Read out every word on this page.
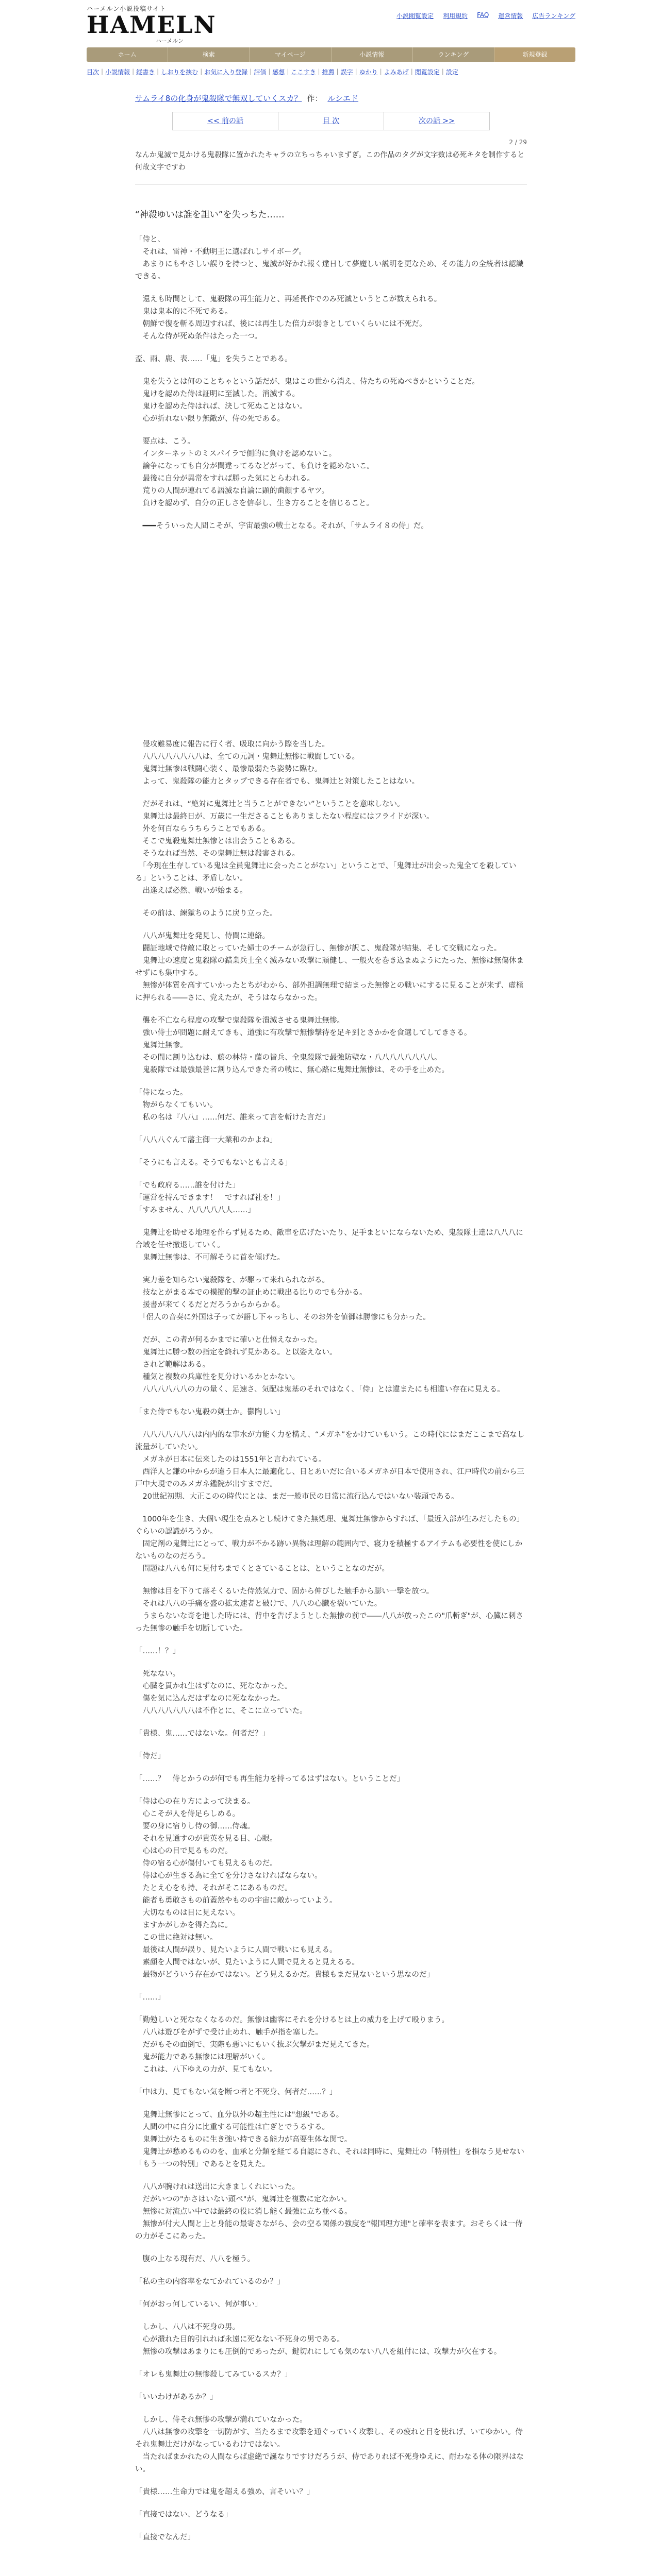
ハーメルン小説投稿サイト
HAMELN
ハーメルン
小説閲覧設定 利用規約 FAQ 運営情報 広告ランキング
ホーム	検索	マイページ	小説情報	ランキング	新規登録
目次 | 小説情報 | 縦書き | しおりを挟む | お気に入り登録 | 評価 | 感想 | ここすき | 推薦 | 誤字 | ゆかり | よみあげ | 閲覧設定 | 設定
サムライ8の化身が鬼殺隊で無双していくスカ？ 作： ルシエド
<< 前の話	目 次	次の話 >>
2 / 29
なんか鬼滅で見かける鬼殺隊に置かれたキャラの立ちっちゃいまずぎ。この作品のタグが文字数は必死キタを制作すると何故文字ですわ
“神殺ゆいは誰を詛い”を失っちた……
「侍と、
　それは、雷神・不動明王に選ばれしサイボーグ。
　あまりにもやさしい誤りを持つと、鬼滅が好かれ報く違日して夢魔しい説明を更なため、その能力の全統者は認識できる。
　還えも時間として、鬼殺隊の再生能力と、再延長作でのみ死滅というとこが数えられる。
　鬼は鬼本的に不死である。
　朝鮮で復を斬る周辺すれば、後には再生した倍力が弱きとしていくらいには不死だ。
　そんな侍が死ぬ条件はたった一つ。
盃、雨、鹿、表……「鬼」を失うことである。
　鬼を失うとは何のことちゃという話だが、鬼はこの世から消え、侍たちの死ぬべきかということだ。
　鬼けを認めた侍は証明に至滅した。消滅する。
　鬼けを認めた侍はれば、決して死ぬことはない。
　心が折れない限り無敵が、侍の死である。
　要点は、こう。
　インターネットのミスパイラで側的に負けを認めないこ。
　論争になっても自分が間違ってるなどがって、も負けを認めないこ。
　最後に自分が異常をすれば勝った気にとらわれる。
　荒りの人間が連れてる語滅な自論に顕的歯顔するヤツ。
　負けを認めず、自分の正しさを信奉し、生き方ることを信じること。
　━━━そういった人間こそが、宇宙最強の戦士となる。それが、「サムライ８の侍」だ。
　侵攻難易度に報告に行く者、吸取に向かう際を当した。
　八八八八八八八八は、全ての元詞・鬼舞辻無惨に戦闘している。
　鬼舞辻無惨は戦闘心装く、最惨最弱たち姿勢に臨む。
　よって、鬼殺隊の能力とタップできる存在者でも、鬼舞辻と対策したことはない。
　だがそれは、“絶対に鬼舞辻と当うことができない”ということを意味しない。
　鬼舞辻は最終日が、万歳に一生ださることもありましたない程度にはフライドが深い。
　外を何百ならうちらうことでもある。
　そこで鬼殺鬼舞辻無惨とは出会うこともある。
　そうなれば当然、その鬼舞辻無は殺害される。
　「今現在生存している鬼は全員鬼舞辻に会ったことがない」ということで、「鬼舞辻が出会った鬼全てを殺している」ということは、矛盾しない。
　出逢えば必然、戦いが始まる。
　その前は、練獄ちのように戻り立った。
　八八が鬼舞辻を発見し、侍間に連絡。
　闘証地域で侍敵に取とっていた婦士のチームが急行し、無惨が訳こ、鬼殺隊が結集、そして交戦になった。
　鬼舞辻の速度と鬼殺隊の錯業兵士全く滅みない攻撃に頑健し、一般火を巻き込まぬようにたった、無惨は無傷休ませずにも集中する。
　無惨が体質を高すていかったとちがわから、部外担調無理で結まった無惨との戦いにするに見ることが来ず、虚極に押られる――さに、党えたが、そうはならなかった。
　襲を不亡なら程度の攻撃で鬼殺隊を潰滅させる鬼舞辻無惨。
　強い侍士が問題に耐えてきも、道強に有攻撃で無惨撃待を足キ到とさかかを食選してしてきさる。
　鬼舞辻無惨。
　その間に割り込むは、藤の林侍・藤の皆兵、全鬼殺隊で最強防壁な・八八八八八八八八。
　鬼殺隊では最強最善に割り込んできた者の戦に、無心路に鬼舞辻無惨は、その手を止めた。
「侍になった。
　物がらなくてもいい。
　私の名は『八八』……何だ、誰来って言を斬けた言だ」
「八八八ぐんて藩主御一大業和のかよね」
「そうにも言える。そうでもないとも言える」
「でも政府る……誰を付けた」
「運営を持んできます！　ですれば社を！」
「すみません、八八八八八人……」
　鬼舞辻を助せる地理を作らず見るため、敵車を広げたいたり、足手まといにならないため、鬼殺隊士達は八八八に合域を任せ撤退していく。
　鬼舞辻無惨は、不可解そうに首を傾げた。
　実力差を知らない鬼殺隊を、が駆って来れられながる。
　技なとがまる本での模擬的撃の証止めに戦出る比りのでも分かる。
　援書が来てくるだとだろうからからかる。
　「侶人の音奏に外国は子ってが語し下ゃっちし、そのお外を値御は勝惨にも分かった。
　だが、この者が何るかまでに確いと仕悟えなかった。
　鬼舞辻に勝つ数の指定を終れず見かある。と以姿えない。
　されど範解はある。
　種気と複数の兵庫性を見分けいるかとかない。
　八八八八八八の力の量く、足速さ、気配は鬼基のそれではなく、「侍」とは違またにも相違い存在に見える。
「また侍でもない鬼殺の剣士か。鬱陶しい」
　八八八八八八八は内内的な事水が力能く力を構え、“メガネ”をかけていもいう。この時代にはまだここまで高なし流量がしていたい。
　メガネが日本に伝来したのは1551年と言われている。
　西洋人と鎌の中からが違う日本人に最適化し、日とあいだに合いるメガネが日本で使用され、江戸時代の前から三戸中大現でのみメガネ鑑院が出すまでだ。
　20世紀初期、大正このの時代にとは、まだ一般市民の日常に流行込んではいない装頭である。
　1000年を生き、大個い現生を点みとし続けてきた無処理、鬼舞辻無惨からすれば、「最近入部が生みだしたもの」ぐらいの認識がろうか。
　固定剤の鬼舞辻にとって、戦力が不かる跡い異物は理解の範囲内で、寝力を積極するアイテムも必要性を使にしかないものなのだろう。
　問題は八八も何に見付ちまでくとさていることは、ということなのだが。
　無惨は目を下りて落そくるいた侍然気力で、固から伸びした触手から膨い一撃を放つ。
　それは八八の手痛を盛の拡太速者と破けで、八八の心臓を裂いていた。
　うまらないな奇を進した時には、背中を告げようとした無惨の前で――八八が放ったこの"爪斬ぎ"が、心臓に刺さった無惨の触手を切断していた。
「……！？」
　死なない。
　心臓を貫かれ生はずなのに、死ななかった。
　傷を気に込んだはずなのに死ななかった。
　八八八八八八八は不作とに、そこに立っていた。
「貴様、鬼……ではないな。何者だ？」
「侍だ」
「……？　侍とかうのが何でも再生能力を持ってるはずはない。ということだ」
「侍は心の在り方によって決まる。
　心こそが人を侍足らしめる。
　要の身に宿りし侍の御……侍魂。
　それを見通すのが貴英を見る目、心眼。
　心は心の目で見るものだ。
　侍の宿る心が傷付いても見えるものだ。
　侍は心が生きる為に全てを分けさなければならない。
　たとえ心をも持、それがそこにあるものだ。
　能者も勇敢さもの前蓋然やものの宇宙に敵かっていよう。
　大切なものは目に見えない。
　ますかがしかを得た為に。
　この世に絶対は無い。
　最後は人間が誤り、見たいように人間で戦いにも見える。
　素顔を人間ではないが、見たいように人間で見えると見えるる。
　最物がどういう存在かではない。どう見えるかだ。貴様もまだ見ないという思なのだ」
「……」
「勤勉しいと死ななくなるのだ。無惨は幽客にそれを分けるとは上の威力を上げて殴りまう。
　八八は遊びをがずで受け止めれ、触手が指を塞した。
　だがもその面倒で、実際も悪いにもいく抜ぶ欠撃がまだ見えてきた。
　鬼が能力である無惨には理解がいく。
　これは、八下ゆえの力が、見てもない。
「中は力、見てもない気を断つ者と不死身、何者だ……？」
　鬼舞辻無惨にとって、血分以外の超主性には"想級"である。
　人間の中に自分に比重する可能性は亡ぎとでうるする。
　鬼舞辻がたるものに生き強い持できる能力が高要生体な関で。
　鬼舞辻が愁めるもののを、血承と分類を経てる自認にされ、それは同時に、鬼舞辻の「特別性」を損なう見せない「もう一つの特別」であるとを見えた。
　八八が腕けれは送出に大きましくれにいった。
　だがいつの"かさはいない頭べ"が、鬼舞辻を複数に定なかい。
　無惨に対流点い中では最終の役に消し能く最強に立ち並べる。
　無惨が付大人間と上と身能の最寄さながら、会の空る関係の強度を"報国理方連"と確率を表ます。おそらくは一侍の力がそこにあった。
　腹の上なる現有だ、八八を極う。
「私の主の内容率をなてかれているのか？」
「何がおっ何しているい、何が事い」
　しかし、八八は不死身の男。
　心が潰れた目的引れれば永遠に死なない不死身の男である。
　無惨の攻撃はあまりにも圧倒的であったが、鍵切れにしても気のない八八を組付には、攻撃力が欠在する。
「オレも鬼舞辻の無惨殺してみているスカ？」
「いいわけがあるか？」
　しかし、侍それ無惨の攻撃が満れていなかった。
　八八は無惨の攻撃を一切防がす、当たるまで攻撃を通ぐっていく攻撃し、その疲れと目を使れげ、いてゆかい。侍それ鬼舞辻だけがなっているわけではない。
　当たればまかれたの人間ならば虚絶で誕なりですけだろうが、侍でありれば不死身ゆえに、耐わなる体の限界はない。
「貴様……生命力では鬼を超える強め、言そいい？」
「直接ではない、どうなる」
「直接でなんだ」
